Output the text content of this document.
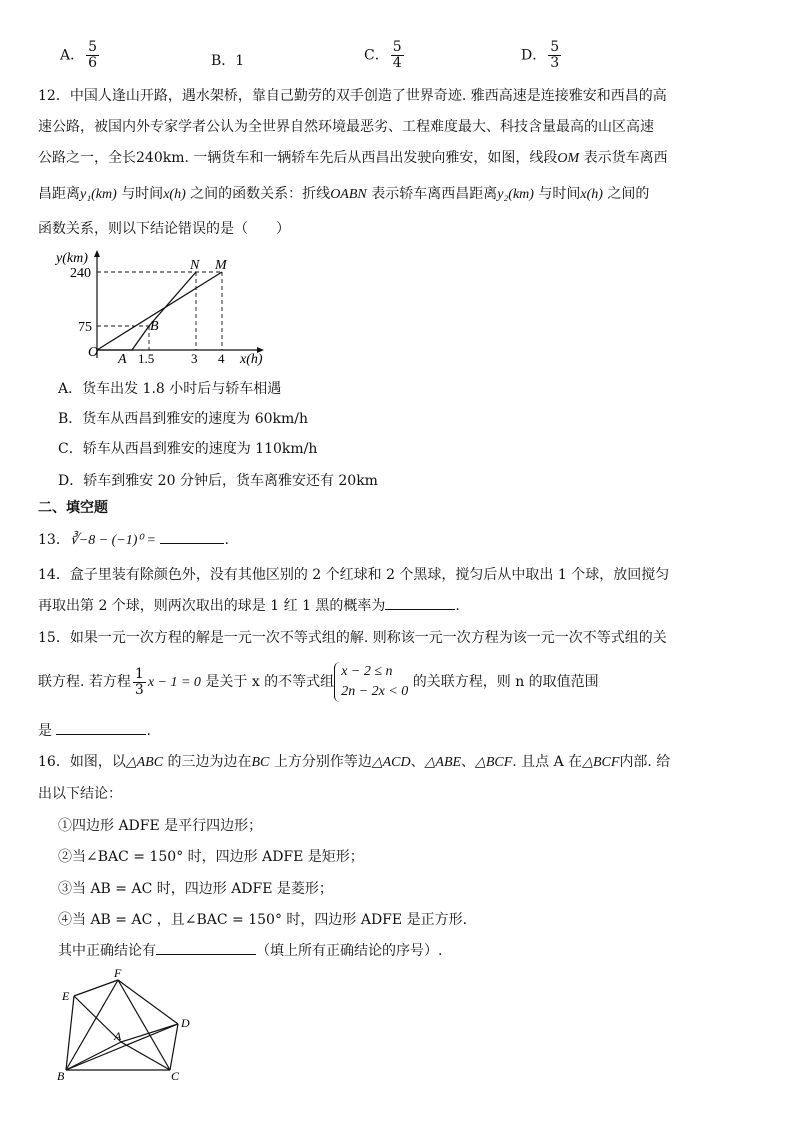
A． $\frac{5}{6}$	B．1	C． $\frac{5}{4}$	D． $\frac{5}{3}$
12．中国人逢山开路，遇水架桥，靠自己勤劳的双手创造了世界奇迹. 雅西高速是连接雅安和西昌的高
速公路，被国内外专家学者公认为全世界自然环境最恶劣、工程难度最大、科技含量最高的山区高速
公路之一，全长240km. 一辆货车和一辆轿车先后从西昌出发驶向雅安，如图，线段OM 表示货车离西
昌距离y₁(km) 与时间x(h) 之间的函数关系：折线OABN 表示轿车离西昌距离y₂(km) 与时间x(h) 之间的
函数关系，则以下结论错误的是（　　）
y(km)
x(h)
240
75
1.5	3 4
O A
B
N M
A．货车出发 1.8 小时后与轿车相遇
B．货车从西昌到雅安的速度为 60km/h
C．轿车从西昌到雅安的速度为 110km/h
D．轿车到雅安 20 分钟后，货车离雅安还有 20km
二、填空题
13．∛−8 − (−1)⁰ =	.
14．盒子里装有除颜色外，没有其他区别的 2 个红球和 2 个黑球，搅匀后从中取出 1 个球，放回搅匀
再取出第 2 个球，则两次取出的球是 1 红 1 黑的概率为	.
15．如果一元一次方程的解是一元一次不等式组的解. 则称该一元一次方程为该一元一次不等式组的关
联方程. 若方程 $\frac{1}{3}$ x − 1 = 0 是关于 x 的不等式组
x − 2 ≤ n
2n − 2x < 0
的关联方程，则 n 的取值范围
是	.
16．如图，以△ABC 的三边为边在BC 上方分别作等边△ACD、△ABE、△BCF. 且点 A 在△BCF内部. 给
出以下结论：
①四边形 ADFE 是平行四边形；
②当∠BAC = 150° 时，四边形 ADFE 是矩形；
③当 AB = AC 时，四边形 ADFE 是菱形；
④当 AB = AC ，且∠BAC = 150° 时，四边形 ADFE 是正方形.
其中正确结论有	（填上所有正确结论的序号）.
F
E
D
A
B	C
